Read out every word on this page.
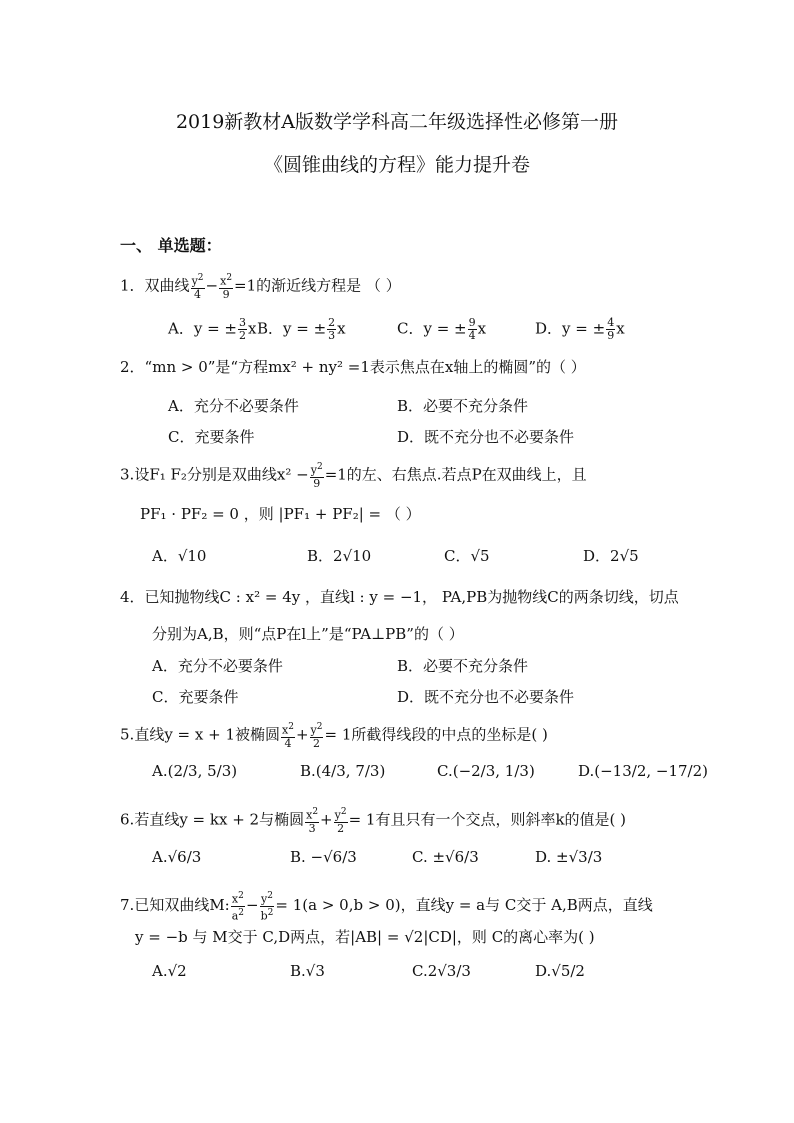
2019新教材A版数学学科高二年级选择性必修第一册
《圆锥曲线的方程》能力提升卷
一、 单选题：
1．双曲线 $\frac{y^2}{4} - \frac{x^2}{9} =1$的渐近线方程是 （ ）
A．y = ± $\frac{3}{2}$ x B．y = ± $\frac{2}{3}$ x	C．y = ± $\frac{9}{4}$ x	D．y = ± $\frac{4}{9}$ x
2．“mn > 0”是“方程mx² + ny² =1表示焦点在x轴上的椭圆”的（ ）
A．充分不必要条件	B．必要不充分条件
C．充要条件	D．既不充分也不必要条件
3.设F₁ F₂分别是双曲线$x^2 - \frac{y^2}{9} =1$的左、右焦点.若点P在双曲线上，且
PF₁ · PF₂ = 0 ，则 |PF₁ + PF₂| = （ ）
A．√10	B．2√10	C．√5	D．2√5
4．已知抛物线C : x² = 4y ，直线l : y = −1， PA,PB为抛物线C的两条切线，切点
分别为A,B，则“点P在l上”是“PA⊥PB”的（ ）
A．充分不必要条件	B．必要不充分条件
C．充要条件	D．既不充分也不必要条件
5.直线y = x + 1被椭圆 $\frac{x^2}{4} + \frac{y^2}{2} = 1$所截得线段的中点的坐标是( )
A.(2/3, 5/3)	B.(4/3, 7/3)	C.(−2/3, 1/3)	D.(−13/2, −17/2)
6.若直线y = kx + 2与椭圆 $\frac{x^2}{3} + \frac{y^2}{2} = 1$有且只有一个交点，则斜率k的值是( )
A.√6/3	B. −√6/3	C. ±√6/3	D. ±√3/3
7.已知双曲线M: $\frac{x^2}{a^2} - \frac{y^2}{b^2} = 1(a > 0,b > 0)$，直线y = a与 C交于 A,B两点，直线
y = −b 与 M交于 C,D两点，若|AB| = √2|CD|，则 C的离心率为( )
A.√2	B.√3	C.2√3/3	D.√5/2
